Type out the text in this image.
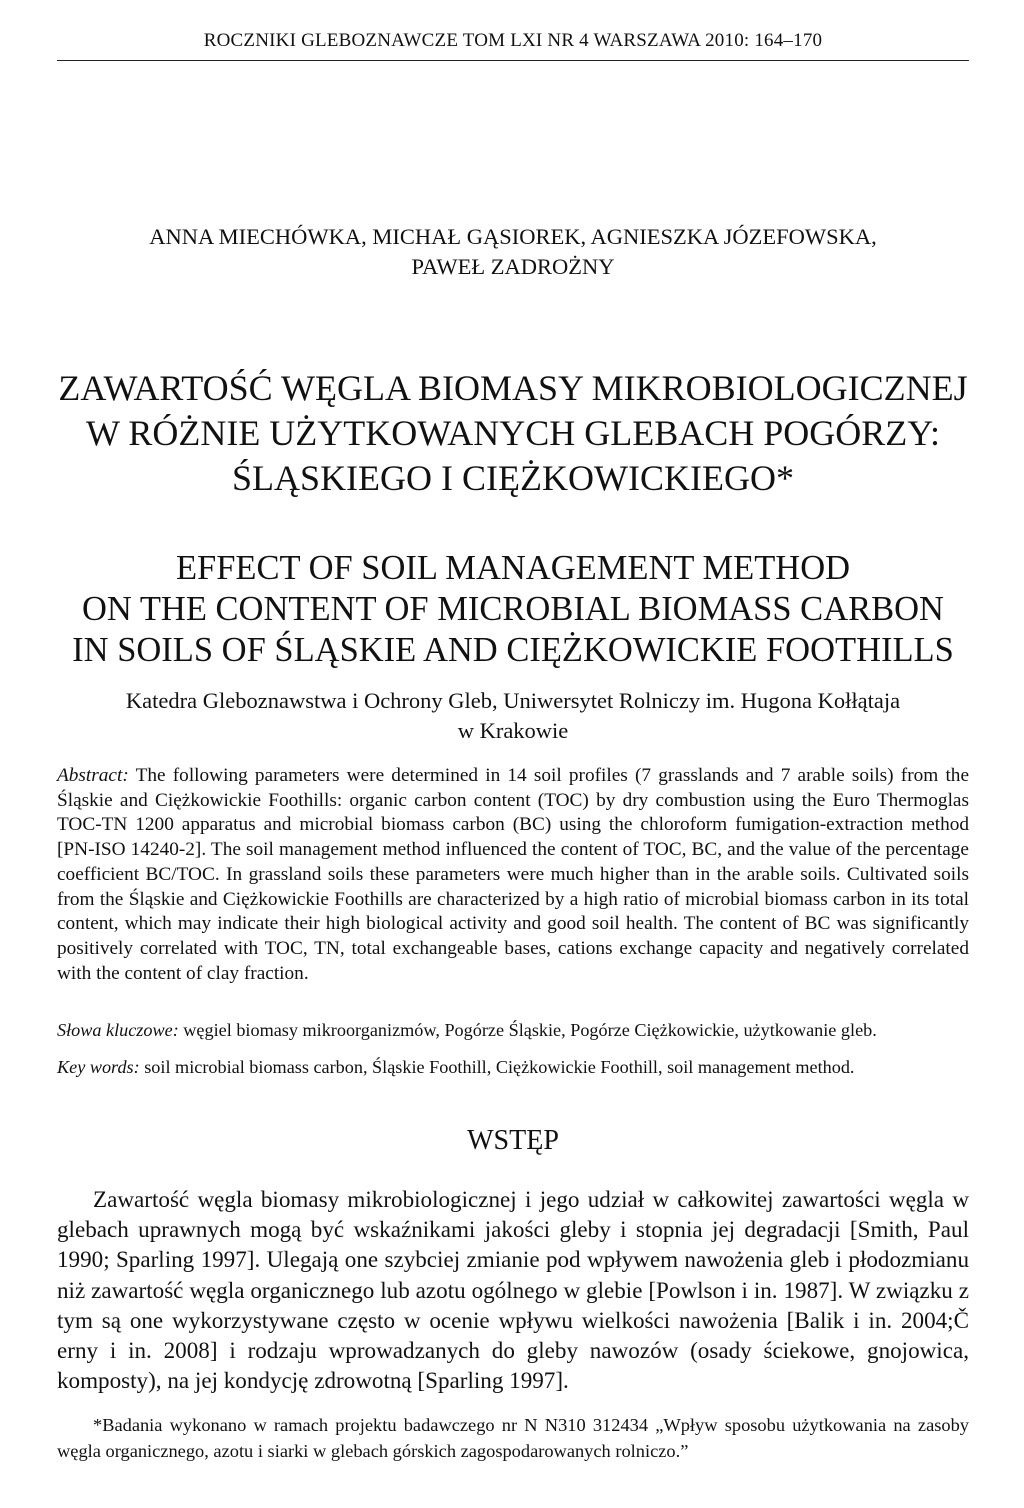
ROCZNIKI GLEBOZNAWCZE TOM LXI NR 4 WARSZAWA 2010: 164–170
ANNA MIECHÓWKA, MICHAŁ GĄSIOREK, AGNIESZKA JÓZEFOWSKA,
PAWEŁ ZADROŻNY
ZAWARTOŚĆ WĘGLA BIOMASY MIKROBIOLOGICZNEJ
W RÓŻNIE UŻYTKOWANYCH GLEBACH POGÓRZY:
ŚLĄSKIEGO I CIĘŻKOWICKIEGO*
EFFECT OF SOIL MANAGEMENT METHOD
ON THE CONTENT OF MICROBIAL BIOMASS CARBON
IN SOILS OF ŚLĄSKIE AND CIĘŻKOWICKIE FOOTHILLS
Katedra Gleboznawstwa i Ochrony Gleb, Uniwersytet Rolniczy im. Hugona Kołłątaja
w Krakowie

Abstract: The following parameters were determined in 14 soil profiles (7 grasslands and 7 arable soils) from the Śląskie and Ciężkowickie Foothills: organic carbon content (TOC) by dry combustion using the Euro Thermoglas TOC-TN 1200 apparatus and microbial biomass carbon (BC) using the chloroform fumigation-extraction method [PN-ISO 14240-2]. The soil management method influenced the content of TOC, BC, and the value of the percentage coefficient BC/TOC. In grassland soils these parameters were much higher than in the arable soils. Cultivated soils from the Śląskie and Ciężkowickie Foothills are characterized by a high ratio of microbial biomass carbon in its total content, which may indicate their high biological activity and good soil health. The content of BC was significantly positively correlated with TOC, TN, total exchangeable bases, cations exchange capacity and negatively correlated with the content of clay fraction.

Słowa kluczowe: węgiel biomasy mikroorganizmów, Pogórze Śląskie, Pogórze Ciężkowickie, użytkowanie gleb.

Key words: soil microbial biomass carbon, Śląskie Foothill, Ciężkowickie Foothill, soil management method.

WSTĘP

Zawartość węgla biomasy mikrobiologicznej i jego udział w całkowitej zawartości węgla w glebach uprawnych mogą być wskaźnikami jakości gleby i stopnia jej degradacji [Smith, Paul 1990; Sparling 1997]. Ulegają one szybciej zmianie pod wpływem nawożenia gleb i płodozmianu niż zawartość węgla organicznego lub azotu ogólnego w glebie [Powlson i in. 1987]. W związku z tym są one wykorzystywane często w ocenie wpływu wielkości nawożenia [Balik i in. 2004;Č erny i in. 2008] i rodzaju wprowadzanych do gleby nawozów (osady ściekowe, gnojowica, komposty), na jej kondycję zdrowotną [Sparling 1997].

*Badania wykonano w ramach projektu badawczego nr N N310 312434 „Wpływ sposobu użytkowania na zasoby węgla organicznego, azotu i siarki w glebach górskich zagospodarowanych rolniczo.”
